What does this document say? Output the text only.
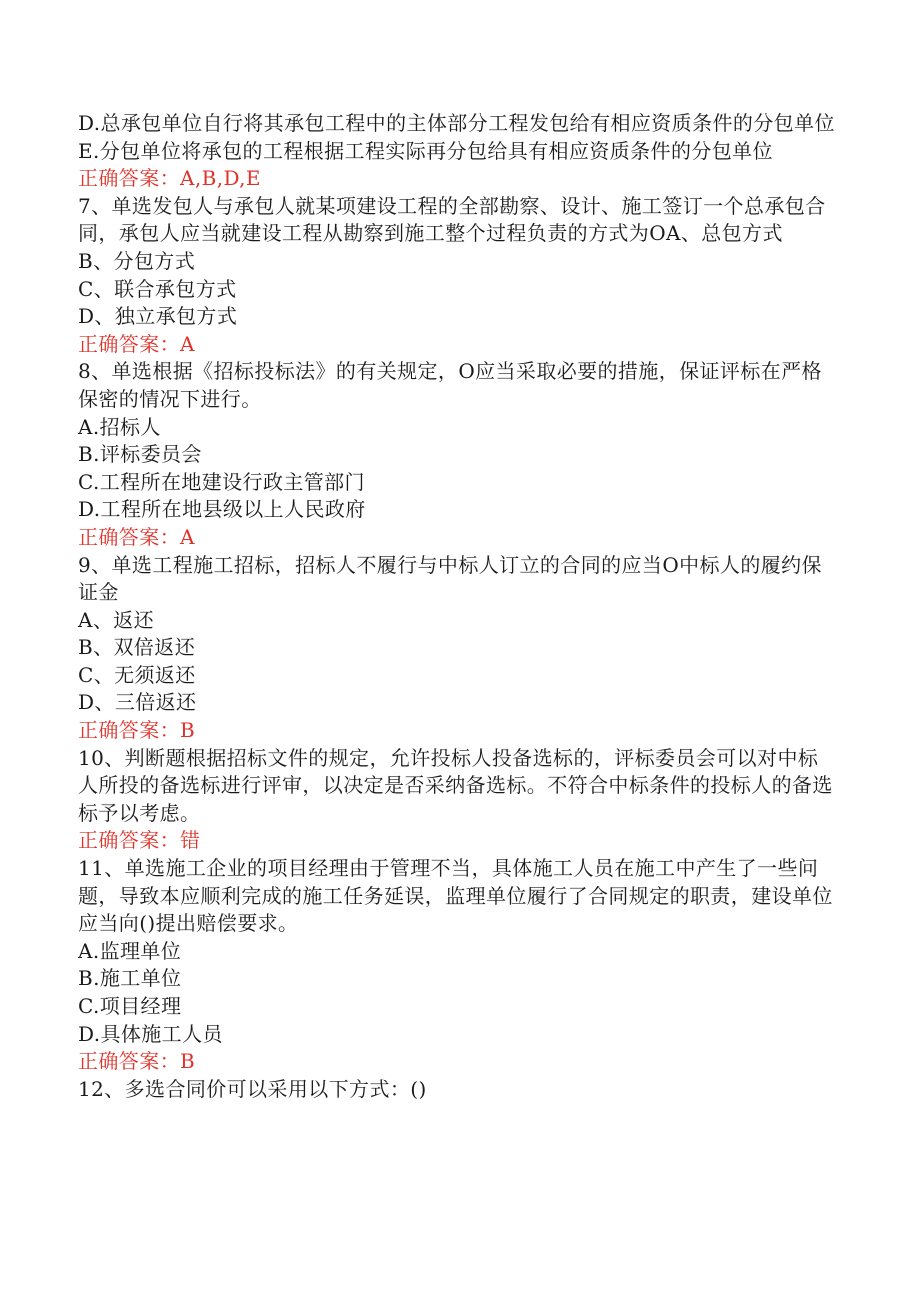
D.总承包单位自行将其承包工程中的主体部分工程发包给有相应资质条件的分包单位

E.分包单位将承包的工程根据工程实际再分包给具有相应资质条件的分包单位

正确答案：A,B,D,E

7、单选发包人与承包人就某项建设工程的全部勘察、设计、施工签订一个总承包合同，承包人应当就建设工程从勘察到施工整个过程负责的方式为OA、总包方式

B、分包方式

C、联合承包方式

D、独立承包方式

正确答案：A

8、单选根据《招标投标法》的有关规定，O应当采取必要的措施，保证评标在严格保密的情况下进行。

A.招标人

B.评标委员会

C.工程所在地建设行政主管部门

D.工程所在地县级以上人民政府

正确答案：A

9、单选工程施工招标，招标人不履行与中标人订立的合同的应当O中标人的履约保证金

A、返还

B、双倍返还

C、无须返还

D、三倍返还

正确答案：B

10、判断题根据招标文件的规定，允许投标人投备选标的，评标委员会可以对中标人所投的备选标进行评审，以决定是否采纳备选标。不符合中标条件的投标人的备选标予以考虑。

正确答案：错

11、单选施工企业的项目经理由于管理不当，具体施工人员在施工中产生了一些问题，导致本应顺利完成的施工任务延误，监理单位履行了合同规定的职责，建设单位应当向()提出赔偿要求。

A.监理单位

B.施工单位

C.项目经理

D.具体施工人员

正确答案：B

12、多选合同价可以采用以下方式：()
